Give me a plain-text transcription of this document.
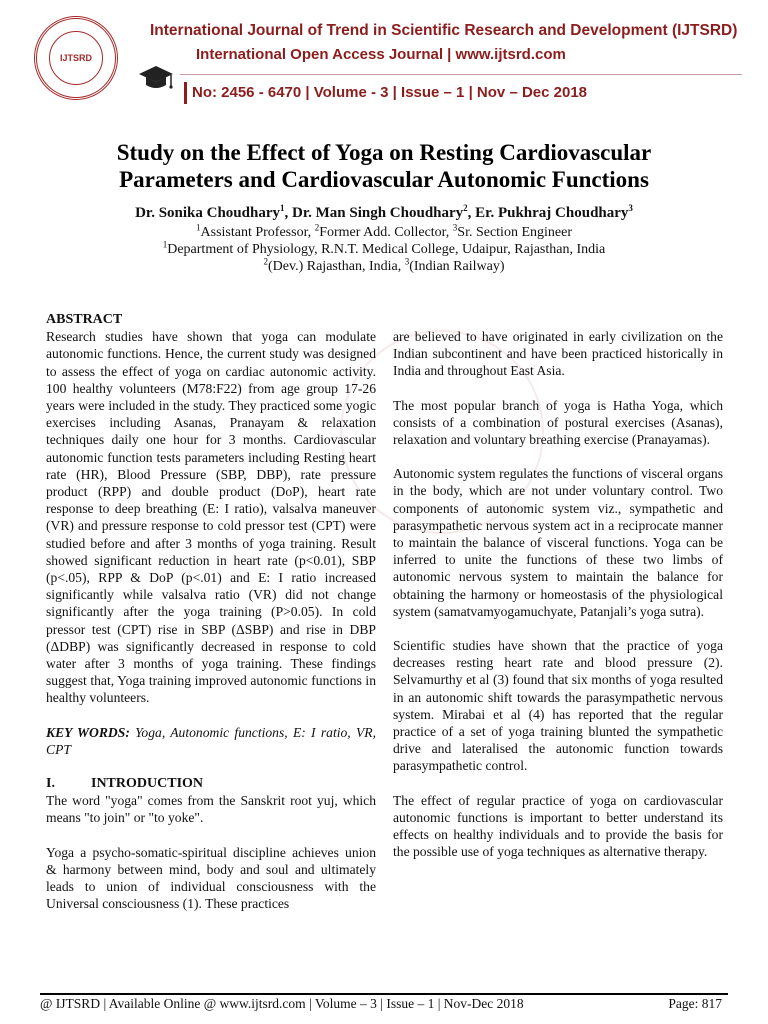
IJTSRD
International Journal of Trend in Scientific Research and Development (IJTSRD)
International Open Access Journal | www.ijtsrd.com
No: 2456 - 6470 | Volume - 3 | Issue – 1 | Nov – Dec 2018
Study on the Effect of Yoga on Resting Cardiovascular
Parameters and Cardiovascular Autonomic Functions
Dr. Sonika Choudhary$^1$, Dr. Man Singh Choudhary$^2$, Er. Pukhraj Choudhary$^3$
$^1$Assistant Professor, $^2$Former Add. Collector, $^3$Sr. Section Engineer
$^1$Department of Physiology, R.N.T. Medical College, Udaipur, Rajasthan, India
$^2$(Dev.) Rajasthan, India, $^3$(Indian Railway)

ABSTRACT

Research studies have shown that yoga can modulate autonomic functions. Hence, the current study was designed to assess the effect of yoga on cardiac autonomic activity. 100 healthy volunteers (M78:F22) from age group 17-26 years were included in the study. They practiced some yogic exercises including Asanas, Pranayam & relaxation techniques daily one hour for 3 months. Cardiovascular autonomic function tests parameters including Resting heart rate (HR), Blood Pressure (SBP, DBP), rate pressure product (RPP) and double product (DoP), heart rate response to deep breathing (E: I ratio), valsalva maneuver (VR) and pressure response to cold pressor test (CPT) were studied before and after 3 months of yoga training. Result showed significant reduction in heart rate (p<0.01), SBP (p<.05), RPP & DoP (p<.01) and E: I ratio increased significantly while valsalva ratio (VR) did not change significantly after the yoga training (P>0.05). In cold pressor test (CPT) rise in SBP (ΔSBP) and rise in DBP (ΔDBP) was significantly decreased in response to cold water after 3 months of yoga training. These findings suggest that, Yoga training improved autonomic functions in healthy volunteers.

KEY WORDS: Yoga, Autonomic functions, E: I ratio, VR, CPT

I.	INTRODUCTION

The word "yoga" comes from the Sanskrit root yuj, which means "to join" or "to yoke".

Yoga a psycho-somatic-spiritual discipline achieves union & harmony between mind, body and soul and ultimately leads to union of individual consciousness with the Universal consciousness (1). These practices

are believed to have originated in early civilization on the Indian subcontinent and have been practiced historically in India and throughout East Asia.

The most popular branch of yoga is Hatha Yoga, which consists of a combination of postural exercises (Asanas), relaxation and voluntary breathing exercise (Pranayamas).

Autonomic system regulates the functions of visceral organs in the body, which are not under voluntary control. Two components of autonomic system viz., sympathetic and parasympathetic nervous system act in a reciprocate manner to maintain the balance of visceral functions. Yoga can be inferred to unite the functions of these two limbs of autonomic nervous system to maintain the balance for obtaining the harmony or homeostasis of the physiological system (samatvamyogamuchyate, Patanjali’s yoga sutra).

Scientific studies have shown that the practice of yoga decreases resting heart rate and blood pressure (2). Selvamurthy et al (3) found that six months of yoga resulted in an autonomic shift towards the parasympathetic nervous system. Mirabai et al (4) has reported that the regular practice of a set of yoga training blunted the sympathetic drive and lateralised the autonomic function towards parasympathetic control.

The effect of regular practice of yoga on cardiovascular autonomic functions is important to better understand its effects on healthy individuals and to provide the basis for the possible use of yoga techniques as alternative therapy.

@ IJTSRD | Available Online @ www.ijtsrd.com | Volume – 3 | Issue – 1 | Nov-Dec 2018	Page: 817
